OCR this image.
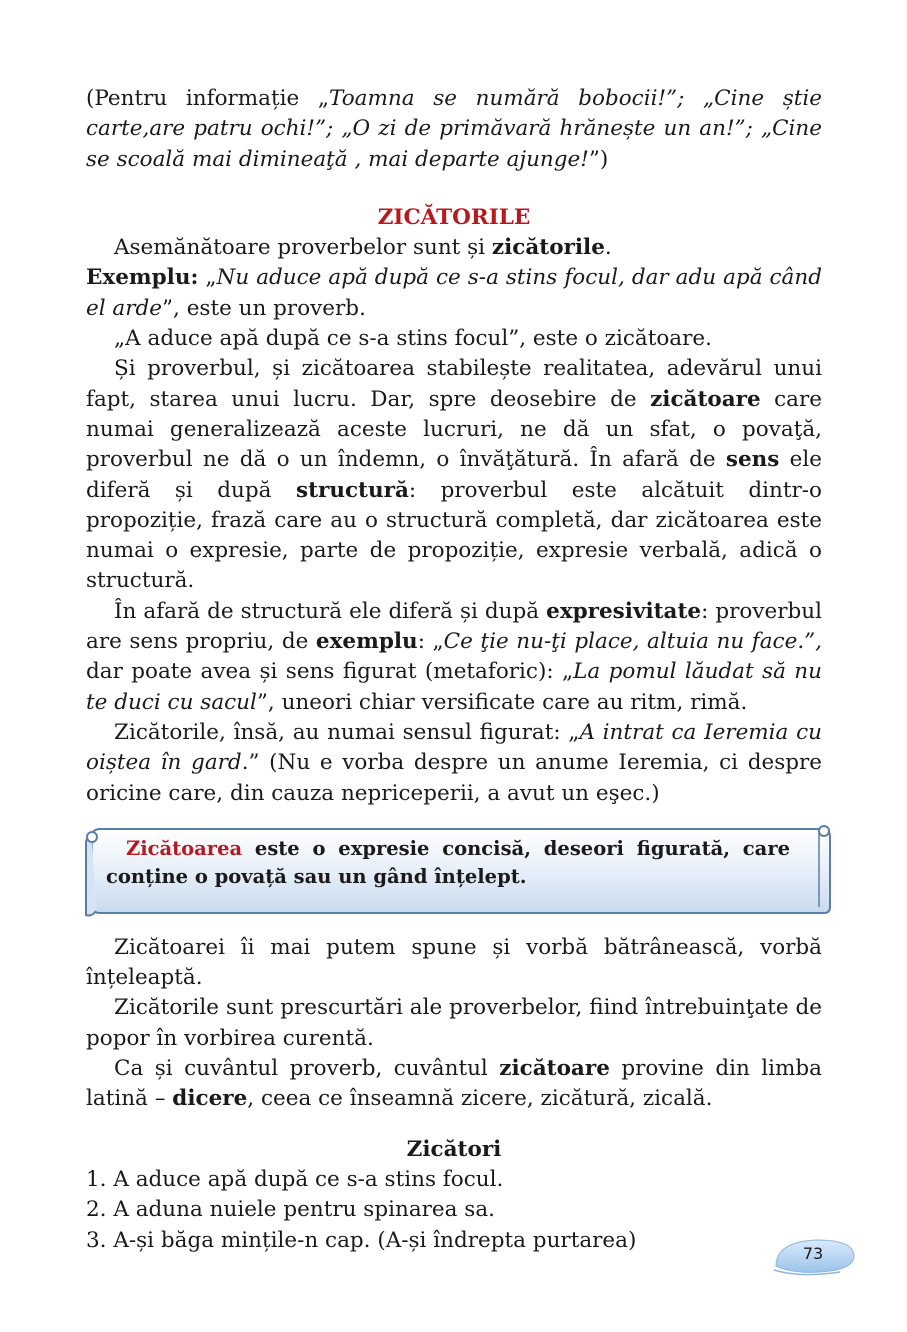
(Pentru informație „Toamna se numără bobocii!”; „Cine știe carte,are patru ochi!”; „O zi de primăvară hrănește un an!”; „Cine se scoală mai dimineaţă , mai departe ajunge!”)

ZICĂTORILE

Asemănătoare proverbelor sunt și zicătorile.

Exemplu: „Nu aduce apă după ce s-a stins focul, dar adu apă când el arde”, este un proverb.

„A aduce apă după ce s-a stins focul”, este o zicătoare.

Și proverbul, și zicătoarea stabilește realitatea, adevărul unui fapt, starea unui lucru. Dar, spre deosebire de zicătoare care numai generalizează aceste lucruri, ne dă un sfat, o povaţă, proverbul ne dă o un îndemn, o învăţătură. În afară de sens ele diferă și după structură: proverbul este alcătuit dintr-o propoziție, frază care au o structură completă, dar zicătoarea este numai o expresie, parte de propoziție, expresie verbală, adică o structură.

În afară de structură ele diferă și după expresivitate: proverbul are sens propriu, de exemplu: „Ce ţie nu-ţi place, altuia nu face.”, dar poate avea și sens figurat (metaforic): „La pomul lăudat să nu te duci cu sacul”, uneori chiar versificate care au ritm, rimă.

Zicătorile, însă, au numai sensul figurat: „A intrat ca Ieremia cu oiștea în gard.” (Nu e vorba despre un anume Ieremia, ci despre oricine care, din cauza nepriceperii, a avut un eşec.)

Zicătoarea este o expresie concisă, deseori figurată, care conține o povață sau un gând înțelept.

Zicătoarei îi mai putem spune și vorbă bătrânească, vorbă înțeleaptă.

Zicătorile sunt prescurtări ale proverbelor, fiind întrebuinţate de popor în vorbirea curentă.

Ca și cuvântul proverb, cuvântul zicătoare provine din limba latină – dicere, ceea ce înseamnă zicere, zicătură, zicală.

Zicători

1. A aduce apă după ce s-a stins focul.
2. A aduna nuiele pentru spinarea sa.
3. A-și băga mințile-n cap. (A-și îndrepta purtarea)
73
